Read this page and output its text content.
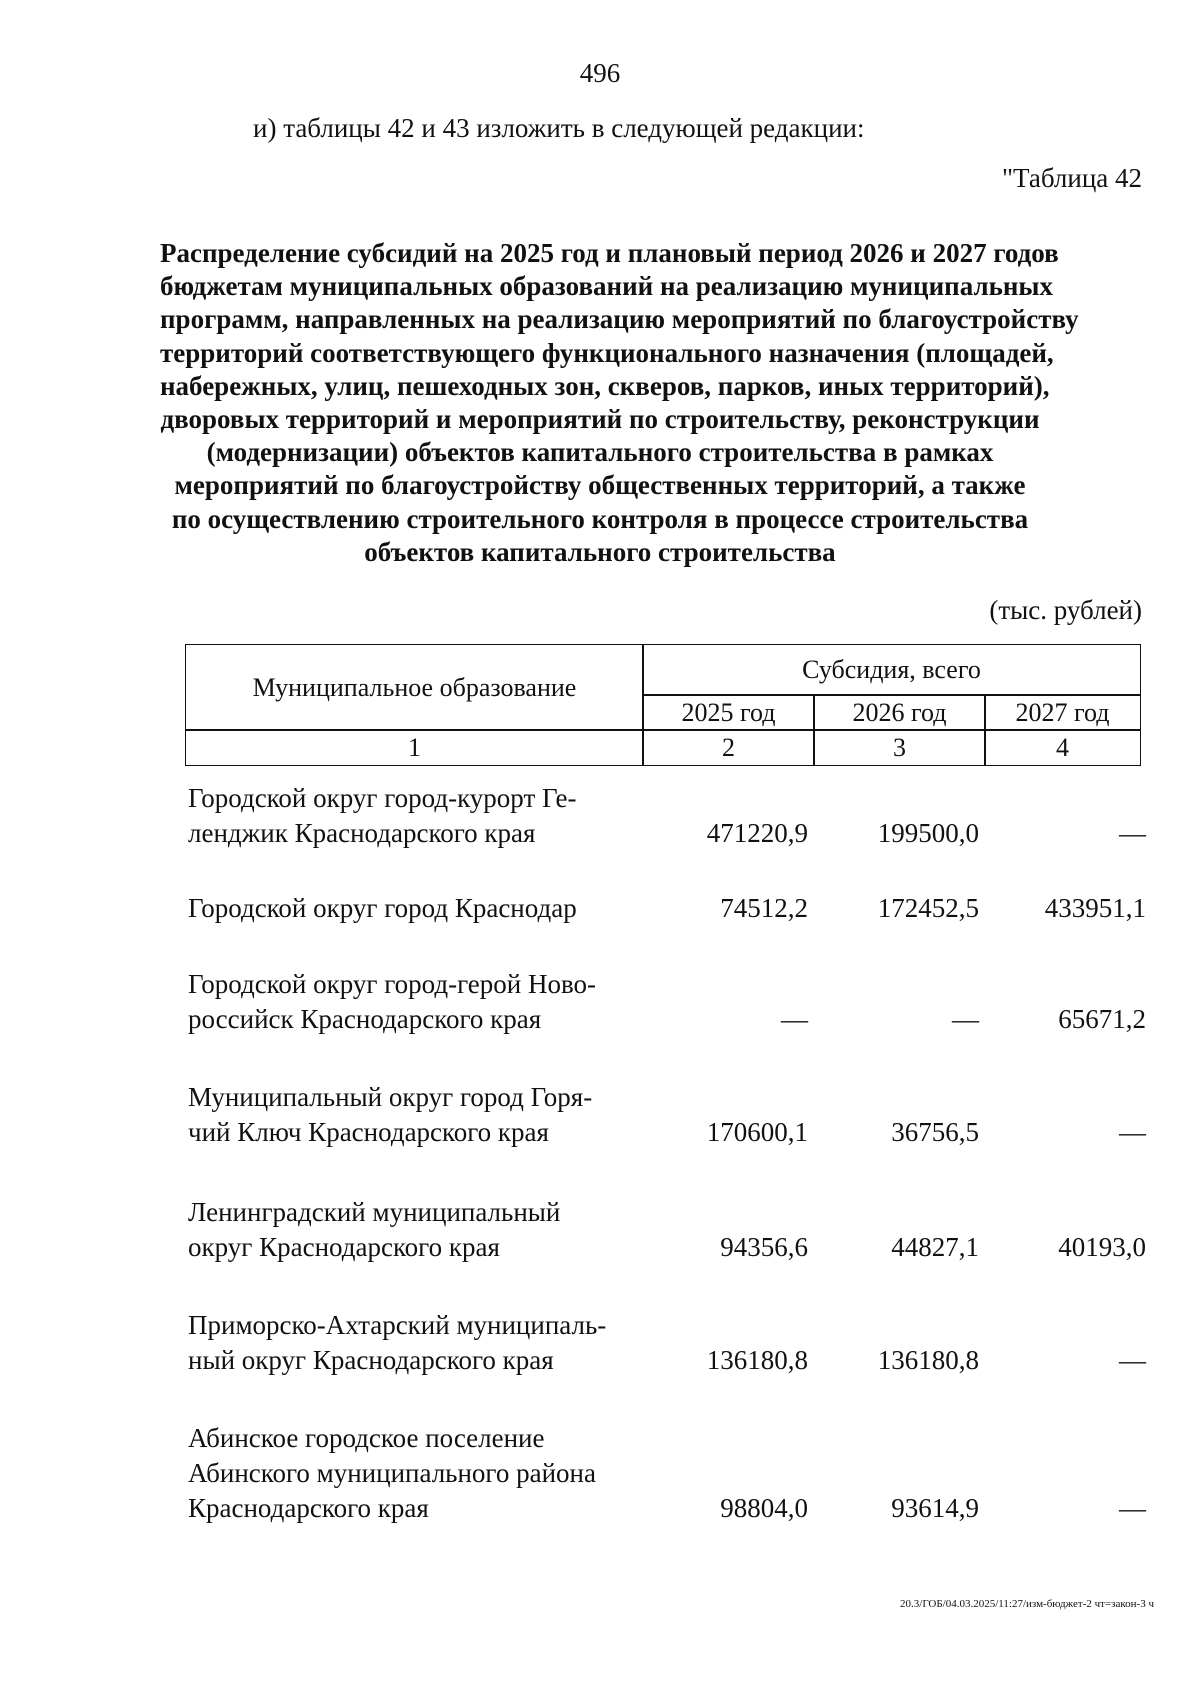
496
и) таблицы 42 и 43 изложить в следующей редакции:
"Таблица 42
Распределение субсидий на 2025 год и плановый период 2026 и 2027 годов
бюджетам муниципальных образований на реализацию муниципальных
программ, направленных на реализацию мероприятий по благоустройству
территорий соответствующего функционального назначения (площадей,
набережных, улиц, пешеходных зон, скверов, парков, иных территорий),
дворовых территорий и мероприятий по строительству, реконструкции
(модернизации) объектов капитального строительства в рамках
мероприятий по благоустройству общественных территорий, а также
по осуществлению строительного контроля в процессе строительства
объектов капитального строительства
(тыс. рублей)
Муниципальное образование
Субсидия, всего
2025 год	2026 год	2027 год
1	2	3	4
Городской округ город-курорт Ге-
ленджик Краснодарского края	471220,9	199500,0	—
Городской округ город Краснодар	74512,2	172452,5 433951,1
Городской округ город-герой Ново-
российск Краснодарского края	—	—	65671,2
Муниципальный округ город Горя-
чий Ключ Краснодарского края	170600,1	36756,5	—
Ленинградский муниципальный
округ Краснодарского края	94356,6	44827,1	40193,0
Приморско-Ахтарский муниципаль-
ный округ Краснодарского края	136180,8	136180,8	—
Абинское городское поселение
Абинского муниципального района
Краснодарского края	98804,0	93614,9	—
20.3/ГОБ/04.03.2025/11:27/изм-бюджет-2 чт=закон-3 ч
